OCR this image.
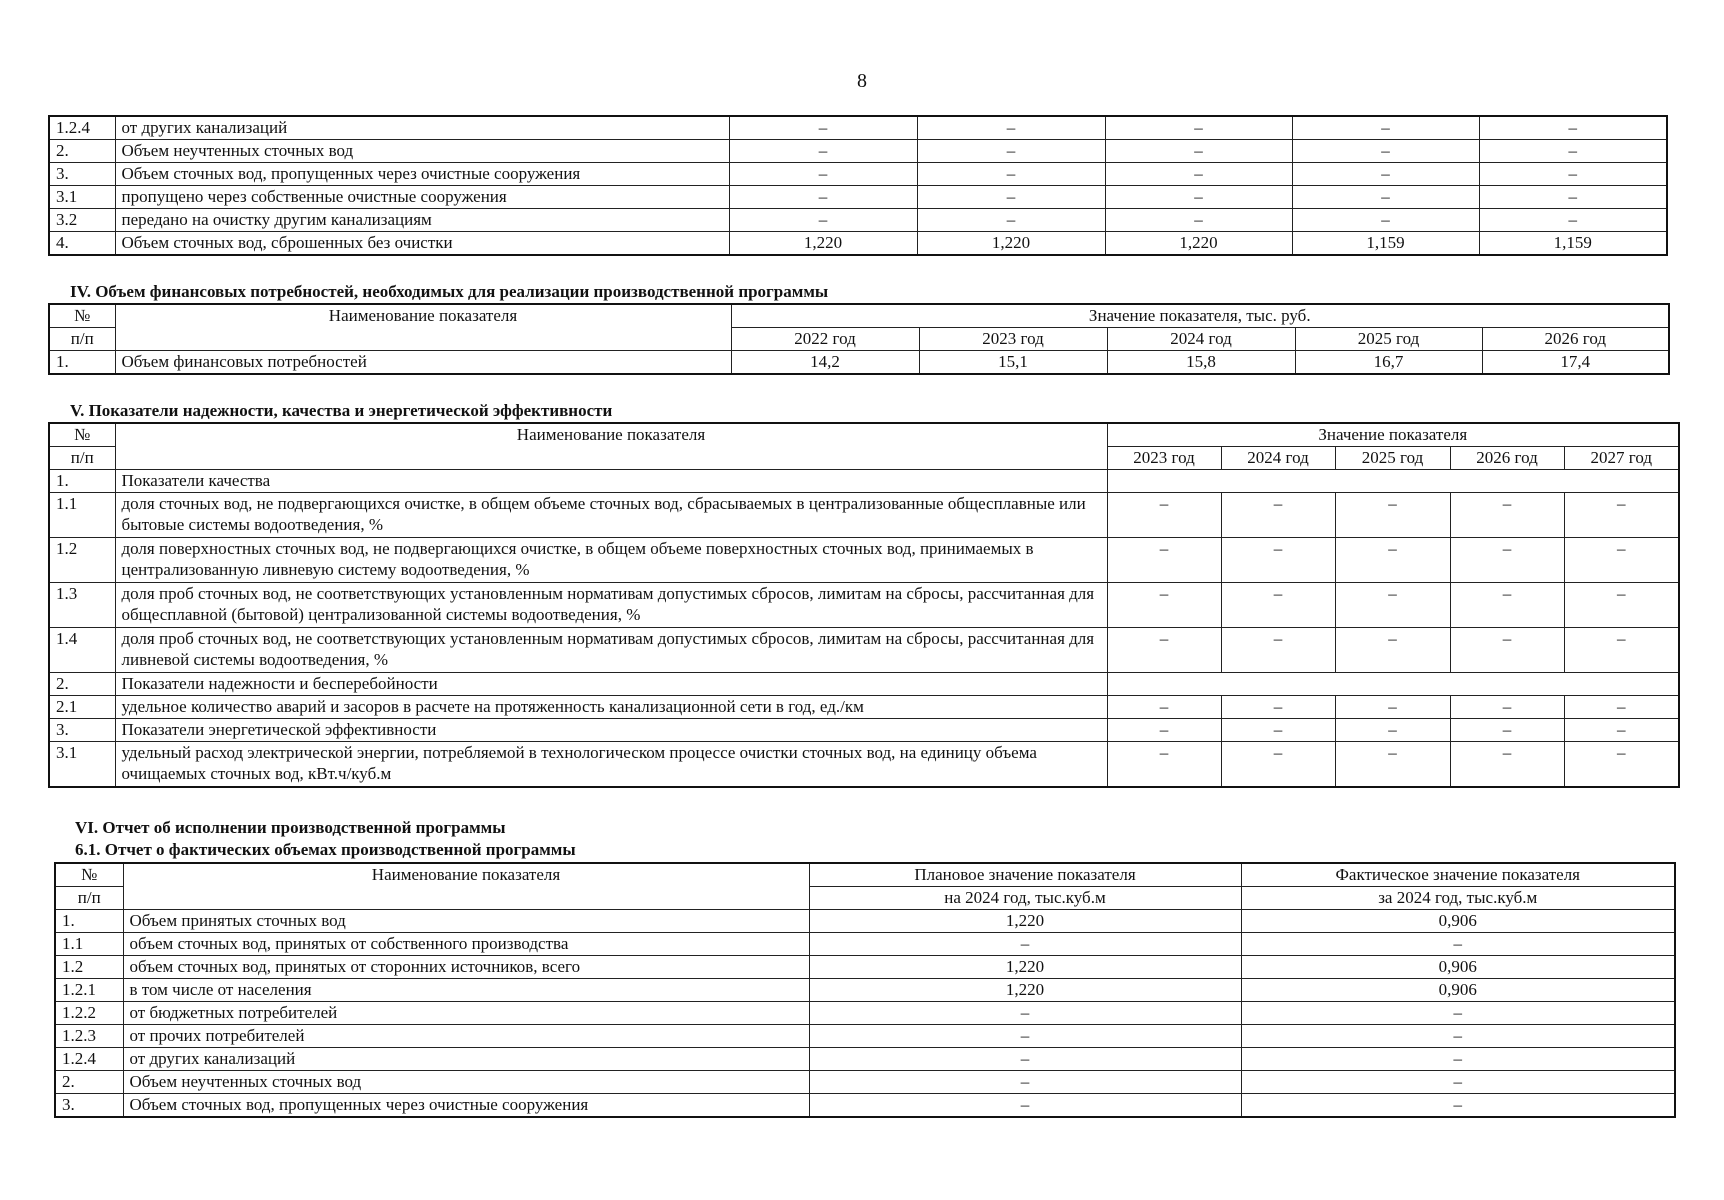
8
1.2.4	от других канализаций	–	–	–	–	–
2.	Объем неучтенных сточных вод	–	–	–	–	–
3.	Объем сточных вод, пропущенных через очистные сооружения	–	–	–	–	–
3.1	пропущено через собственные очистные сооружения	–	–	–	–	–
3.2	передано на очистку другим канализациям	–	–	–	–	–
4.	Объем сточных вод, сброшенных без очистки	1,220	1,220	1,220	1,159	1,159
IV. Объем финансовых потребностей, необходимых для реализации производственной программы
№	Наименование показателя	Значение показателя, тыс. руб.				
п/п		2022 год	2023 год	2024 год	2025 год	2026 год
1.	Объем финансовых потребностей	14,2	15,1	15,8	16,7	17,4
V. Показатели надежности, качества и энергетической эффективности
№	Наименование показателя	Значение показателя				
п/п		2023 год	2024 год	2025 год	2026 год	2027 год
1.	Показатели качества					
1.1	доля сточных вод, не подвергающихся очистке, в общем объеме сточных вод, сбрасываемых в централизованные общесплавные или бытовые системы водоотведения, %	–	–	–	–	–
1.2	доля поверхностных сточных вод, не подвергающихся очистке, в общем объеме поверхностных сточных вод, принимаемых в централизованную ливневую систему водоотведения, %	–	–	–	–	–
1.3	доля проб сточных вод, не соответствующих установленным нормативам допустимых сбросов, лимитам на сбросы, рассчитанная для общесплавной (бытовой) централизованной системы водоотведения, %	–	–	–	–	–
1.4	доля проб сточных вод, не соответствующих установленным нормативам допустимых сбросов, лимитам на сбросы, рассчитанная для ливневой системы водоотведения, %	–	–	–	–	–
2.	Показатели надежности и бесперебойности					
2.1	удельное количество аварий и засоров в расчете на протяженность канализационной сети в год, ед./км	–	–	–	–	–
3.	Показатели энергетической эффективности	–	–	–	–	–
3.1	удельный расход электрической энергии, потребляемой в технологическом процессе очистки сточных вод, на единицу объема очищаемых сточных вод, кВт.ч/куб.м	–	–	–	–	–
VI. Отчет об исполнении производственной программы
6.1. Отчет о фактических объемах производственной программы
№	Наименование показателя	Плановое значение показателя	Фактическое значение показателя
п/п		на 2024 год, тыс.куб.м	за 2024 год, тыс.куб.м
1.	Объем принятых сточных вод	1,220	0,906
1.1	объем сточных вод, принятых от собственного производства	–	–
1.2	объем сточных вод, принятых от сторонних источников, всего	1,220	0,906
1.2.1	в том числе от населения	1,220	0,906
1.2.2	от бюджетных потребителей	–	–
1.2.3	от прочих потребителей	–	–
1.2.4	от других канализаций	–	–
2.	Объем неучтенных сточных вод	–	–
3.	Объем сточных вод, пропущенных через очистные сооружения	–	–
